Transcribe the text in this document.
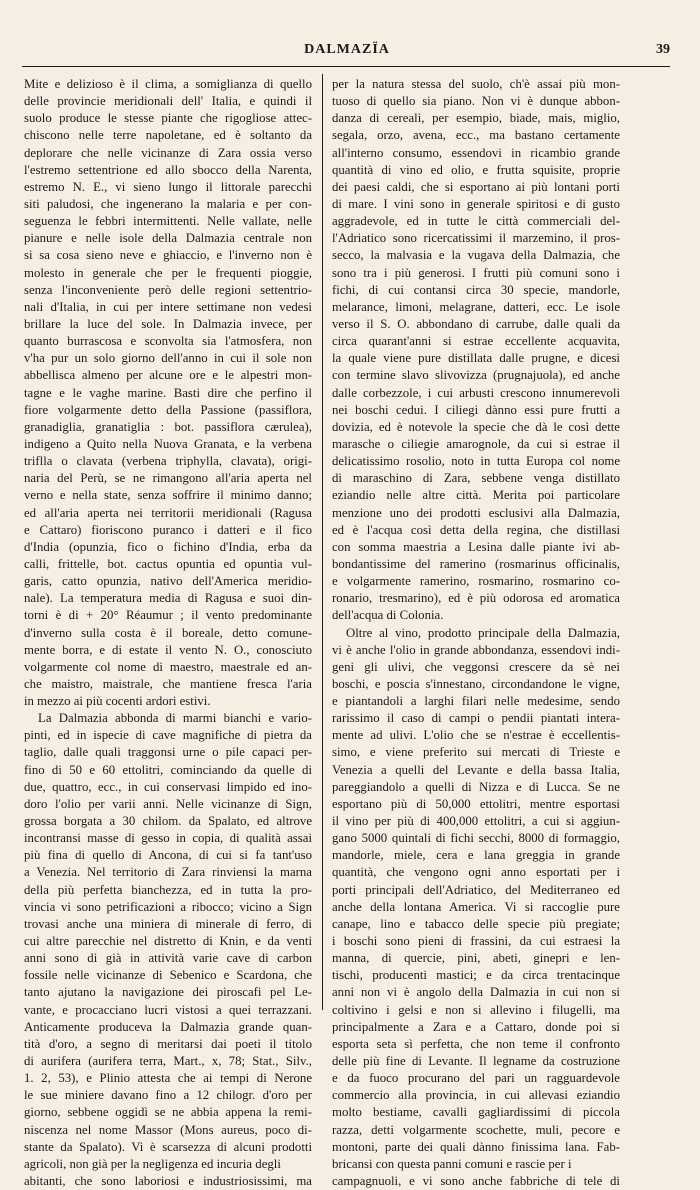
DALMAZÏA	39
Mite e delizioso è il clima, a somiglianza di quello
delle provincie meridionali dell' Italia, e quindi il
suolo produce le stesse piante che rigogliose attec-
chiscono nelle terre napoletane, ed è soltanto da
deplorare che nelle vicinanze di Zara ossia verso
l'estremo settentrione ed allo sbocco della Narenta,
estremo N. E., vi sieno lungo il littorale parecchi
siti paludosi, che ingenerano la malaria e per con-
seguenza le febbri intermittenti. Nelle vallate, nelle
pianure e nelle isole della Dalmazia centrale non
si sa cosa sieno neve e ghiaccio, e l'inverno non è
molesto in generale che per le frequenti pioggie,
senza l'inconveniente però delle regioni settentrio-
nali d'Italia, in cui per intere settimane non vedesi
brillare la luce del sole. In Dalmazia invece, per
quanto burrascosa e sconvolta sia l'atmosfera, non
v'ha pur un solo giorno dell'anno in cui il sole non
abbellisca almeno per alcune ore e le alpestri mon-
tagne e le vaghe marine. Basti dire che perfino il
fiore volgarmente detto della Passione (passiflora,
granadiglia, granatiglia : bot. passiflora cærulea),
indigeno a Quito nella Nuova Granata, e la verbena
triflla o clavata (verbena triphylla, clavata), origi-
naria del Perù, se ne rimangono all'aria aperta nel
verno e nella state, senza soffrire il minimo danno;
ed all'aria aperta nei territorii meridionali (Ragusa
e Cattaro) fioriscono puranco i datteri e il fico
d'India (opunzia, fico o fichino d'India, erba da
calli, frittelle, bot. cactus opuntia ed opuntia vul-
garis, catto opunzia, nativo dell'America meridio-
nale). La temperatura media di Ragusa e suoi din-
torni è di + 20° Réaumur ; il vento predominante
d'inverno sulla costa è il boreale, detto comune-
mente borra, e di estate il vento N. O., conosciuto
volgarmente col nome di maestro, maestrale ed an-
che maistro, maistrale, che mantiene fresca l'aria
in mezzo ai più cocenti ardori estivi.
La Dalmazia abbonda di marmi bianchi e vario-
pinti, ed in ispecie di cave magnifiche di pietra da
taglio, dalle quali traggonsi urne o pile capaci per-
fino di 50 e 60 ettolitri, cominciando da quelle di
due, quattro, ecc., in cui conservasi limpido ed ino-
doro l'olio per varii anni. Nelle vicinanze di Sign,
grossa borgata a 30 chilom. da Spalato, ed altrove
incontransi masse di gesso in copia, di qualità assai
più fina di quello di Ancona, di cui si fa tant'uso
a Venezia. Nel territorio di Zara rinviensi la marna
della più perfetta bianchezza, ed in tutta la pro-
vincia vi sono petrificazioni a ribocco; vicino a Sign
trovasi anche una miniera di minerale di ferro, di
cui altre parecchie nel distretto di Knin, e da venti
anni sono di già in attività varie cave di carbon
fossile nelle vicinanze di Sebenico e Scardona, che
tanto ajutano la navigazione dei piroscafi pel Le-
vante, e procacciano lucri vistosi a quei terrazzani.
Anticamente produceva la Dalmazia grande quan-
tità d'oro, a segno di meritarsi dai poeti il titolo
di aurifera (aurifera terra, Mart., x, 78; Stat., Silv.,
1. 2, 53), e Plinio attesta che ai tempi di Nerone
le sue miniere davano fino a 12 chilogr. d'oro per
giorno, sebbene oggidì se ne abbia appena la remi-
niscenza nel nome Massor (Mons aureus, poco di-
stante da Spalato). Vi è scarsezza di alcuni prodotti
agricoli, non già per la negligenza ed incuria degli
abitanti, che sono laboriosi e industriosissimi, ma
per la natura stessa del suolo, ch'è assai più mon-
tuoso di quello sia piano. Non vi è dunque abbon-
danza di cereali, per esempio, biade, mais, miglio,
segala, orzo, avena, ecc., ma bastano certamente
all'interno consumo, essendovi in ricambio grande
quantità di vino ed olio, e frutta squisite, proprie
dei paesi caldi, che si esportano ai più lontani porti
di mare. I vini sono in generale spiritosi e di gusto
aggradevole, ed in tutte le città commerciali del-
l'Adriatico sono ricercatissimi il marzemino, il pros-
secco, la malvasia e la vugava della Dalmazia, che
sono tra i più generosi. I frutti più comuni sono i
fichi, di cui contansi circa 30 specie, mandorle,
melarance, limoni, melagrane, datteri, ecc. Le isole
verso il S. O. abbondano di carrube, dalle quali da
circa quarant'anni si estrae eccellente acquavita,
la quale viene pure distillata dalle prugne, e dicesi
con termine slavo slivovizza (prugnajuola), ed anche
dalle corbezzole, i cui arbusti crescono innumerevoli
nei boschi cedui. I ciliegi dànno essi pure frutti a
dovizia, ed è notevole la specie che dà le così dette
marasche o ciliegie amarognole, da cui si estrae il
delicatissimo rosolio, noto in tutta Europa col nome
di maraschino di Zara, sebbene venga distillato
eziandio nelle altre città. Merita poi particolare
menzione uno dei prodotti esclusivi alla Dalmazia,
ed è l'acqua così detta della regina, che distillasi
con somma maestria a Lesina dalle piante ivi ab-
bondantissime del ramerino (rosmarinus officinalis,
e volgarmente ramerino, rosmarino, rosmarino co-
ronario, tresmarino), ed è più odorosa ed aromatica
dell'acqua di Colonia.
Oltre al vino, prodotto principale della Dalmazia,
vi è anche l'olio in grande abbondanza, essendovi indi-
geni gli ulivi, che veggonsi crescere da sè nei
boschi, e poscia s'innestano, circondandone le vigne,
e piantandoli a larghi filari nelle medesime, sendo
rarissimo il caso di campi o pendii piantati intera-
mente ad ulivi. L'olio che se n'estrae è eccellentis-
simo, e viene preferito sui mercati di Trieste e
Venezia a quelli del Levante e della bassa Italia,
pareggiandolo a quelli di Nizza e di Lucca. Se ne
esportano più di 50,000 ettolitri, mentre esportasi
il vino per più di 400,000 ettolitri, a cui si aggiun-
gano 5000 quintali di fichi secchi, 8000 di formaggio,
mandorle, miele, cera e lana greggia in grande
quantità, che vengono ogni anno esportati per i
porti principali dell'Adriatico, del Mediterraneo ed
anche della lontana America. Vi si raccoglie pure
canape, lino e tabacco delle specie più pregiate;
i boschi sono pieni di frassini, da cui estraesi la
manna, di quercie, pini, abeti, ginepri e len-
tischi, producenti mastici; e da circa trentacinque
anni non vi è angolo della Dalmazia in cui non si
coltivino i gelsi e non si allevino i filugelli, ma
principalmente a Zara e a Cattaro, donde poi si
esporta seta sì perfetta, che non teme il confronto
delle più fine di Levante. Il legname da costruzione
e da fuoco procurano del pari un ragguardevole
commercio alla provincia, in cui allevasi eziandio
molto bestiame, cavalli gagliardissimi di piccola
razza, detti volgarmente scochette, muli, pecore e
montoni, parte dei quali dànno finissima lana. Fab-
bricansi con questa panni comuni e rascie per i
campagnuoli, e vi sono anche fabbriche di tele di
